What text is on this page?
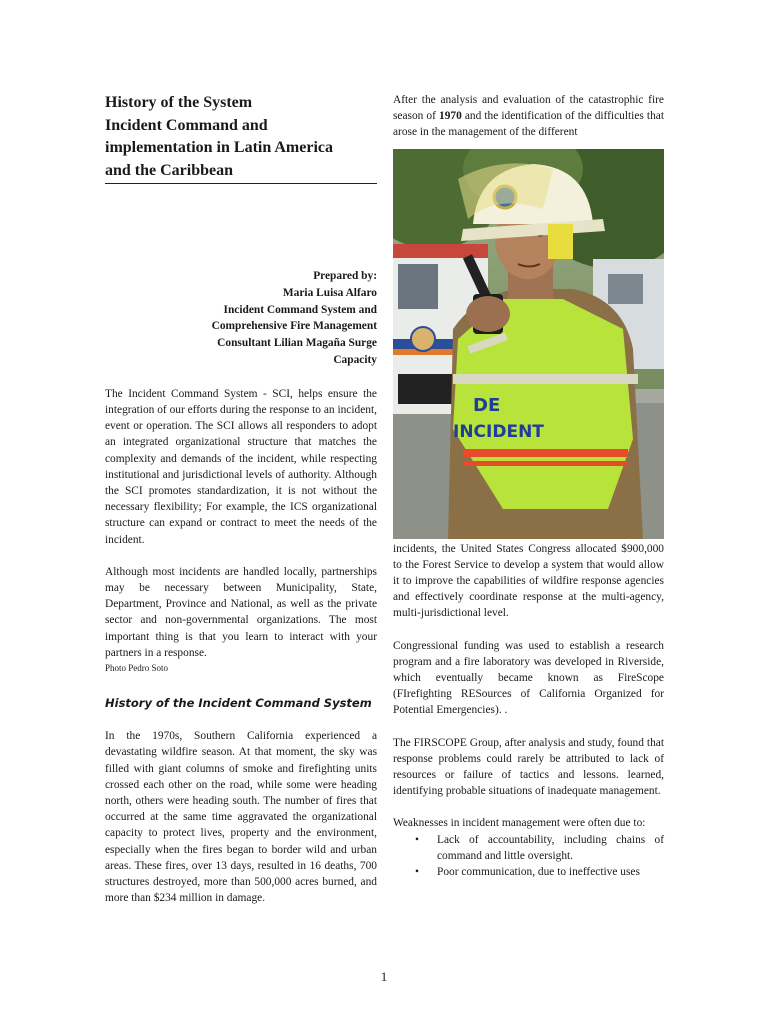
History of the System
Incident Command and
implementation in Latin America
and the Caribbean
Prepared by:
Maria Luisa Alfaro
Incident Command System and
Comprehensive Fire Management
Consultant Lilian Magaña Surge
Capacity

The Incident Command System - SCI, helps ensure the integration of our efforts during the response to an incident, event or operation. The SCI allows all responders to adopt an integrated organizational structure that matches the complexity and demands of the incident, while respecting institutional and jurisdictional levels of authority. Although the SCI promotes standardization, it is not without the necessary flexibility; For example, the ICS organizational structure can expand or contract to meet the needs of the incident.

Although most incidents are handled locally, partnerships may be necessary between Municipality, State, Department, Province and National, as well as the private sector and non-governmental organizations. The most important thing is that you learn to interact with your partners in a response.

Photo Pedro Soto
History of the Incident Command System

In the 1970s, Southern California experienced a devastating wildfire season. At that moment, the sky was filled with giant columns of smoke and firefighting units crossed each other on the road, while some were heading north, others were heading south. The number of fires that occurred at the same time aggravated the organizational capacity to protect lives, property and the environment, especially when the fires began to border wild and urban areas. These fires, over 13 days, resulted in 16 deaths, 700 structures destroyed, more than 500,000 acres burned, and more than $234 million in damage.

After the analysis and evaluation of the catastrophic fire season of 1970 and the identification of the difficulties that arose in the management of the different

DE
INCIDENT

incidents, the United States Congress allocated $900,000 to the Forest Service to develop a system that would allow it to improve the capabilities of wildfire response agencies and effectively coordinate response at the multi-agency, multi-jurisdictional level.

Congressional funding was used to establish a research program and a fire laboratory was developed in Riverside, which eventually became known as FireScope (FIrefighting RESources of California Organized for Potential Emergencies). .

The FIRSCOPE Group, after analysis and study, found that response problems could rarely be attributed to lack of resources or failure of tactics and lessons. learned, identifying probable situations of inadequate management.

Weaknesses in incident management were often due to:

• Lack of accountability, including chains of command and little oversight.
• Poor communication, due to ineffective uses
1
